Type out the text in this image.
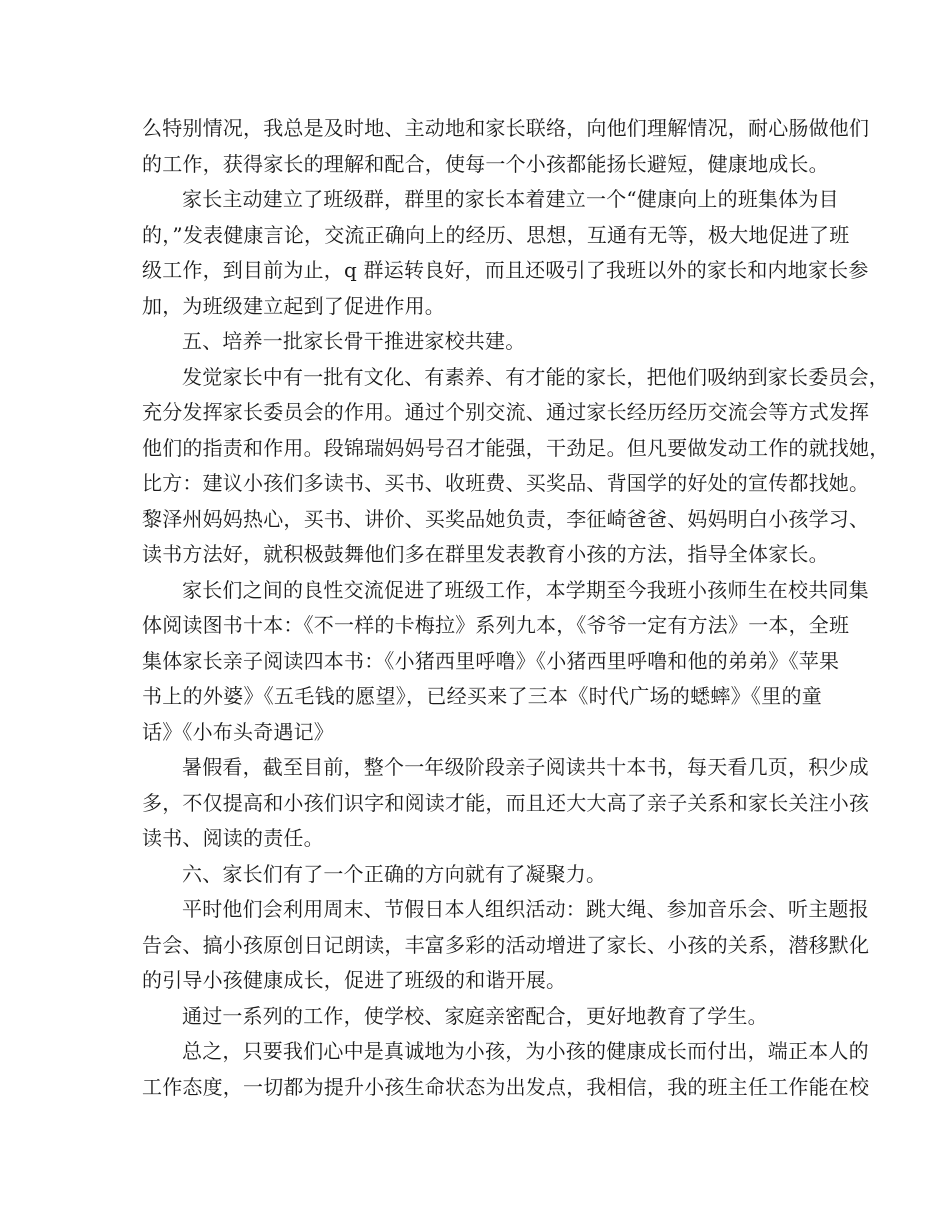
么特别情况，我总是及时地、主动地和家长联络，向他们理解情况，耐心肠做他们
的工作，获得家长的理解和配合，使每一个小孩都能扬长避短，健康地成长。
家长主动建立了班级群，群里的家长本着建立一个“健康向上的班集体为目
的，”发表健康言论，交流正确向上的经历、思想，互通有无等，极大地促进了班
级工作，到目前为止，q 群运转良好，而且还吸引了我班以外的家长和内地家长参
加，为班级建立起到了促进作用。
五、培养一批家长骨干推进家校共建。
发觉家长中有一批有文化、有素养、有才能的家长，把他们吸纳到家长委员会，
充分发挥家长委员会的作用。通过个别交流、通过家长经历经历交流会等方式发挥
他们的指责和作用。段锦瑞妈妈号召才能强，干劲足。但凡要做发动工作的就找她，
比方：建议小孩们多读书、买书、收班费、买奖品、背国学的好处的宣传都找她。
黎泽州妈妈热心，买书、讲价、买奖品她负责，李征崎爸爸、妈妈明白小孩学习、
读书方法好，就积极鼓舞他们多在群里发表教育小孩的方法，指导全体家长。
家长们之间的良性交流促进了班级工作，本学期至今我班小孩师生在校共同集
体阅读图书十本：《不一样的卡梅拉》系列九本，《爷爷一定有方法》一本，全班
集体家长亲子阅读四本书：《小猪西里呼噜》《小猪西里呼噜和他的弟弟》《苹果
书上的外婆》《五毛钱的愿望》，已经买来了三本《时代广场的蟋蟀》《里的童
话》《小布头奇遇记》
暑假看，截至目前，整个一年级阶段亲子阅读共十本书，每天看几页，积少成
多，不仅提高和小孩们识字和阅读才能，而且还大大高了亲子关系和家长关注小孩
读书、阅读的责任。
六、家长们有了一个正确的方向就有了凝聚力。
平时他们会利用周末、节假日本人组织活动：跳大绳、参加音乐会、听主题报
告会、搞小孩原创日记朗读，丰富多彩的活动增进了家长、小孩的关系，潜移默化
的引导小孩健康成长，促进了班级的和谐开展。
通过一系列的工作，使学校、家庭亲密配合，更好地教育了学生。
总之，只要我们心中是真诚地为小孩，为小孩的健康成长而付出，端正本人的
工作态度，一切都为提升小孩生命状态为出发点，我相信，我的班主任工作能在校
